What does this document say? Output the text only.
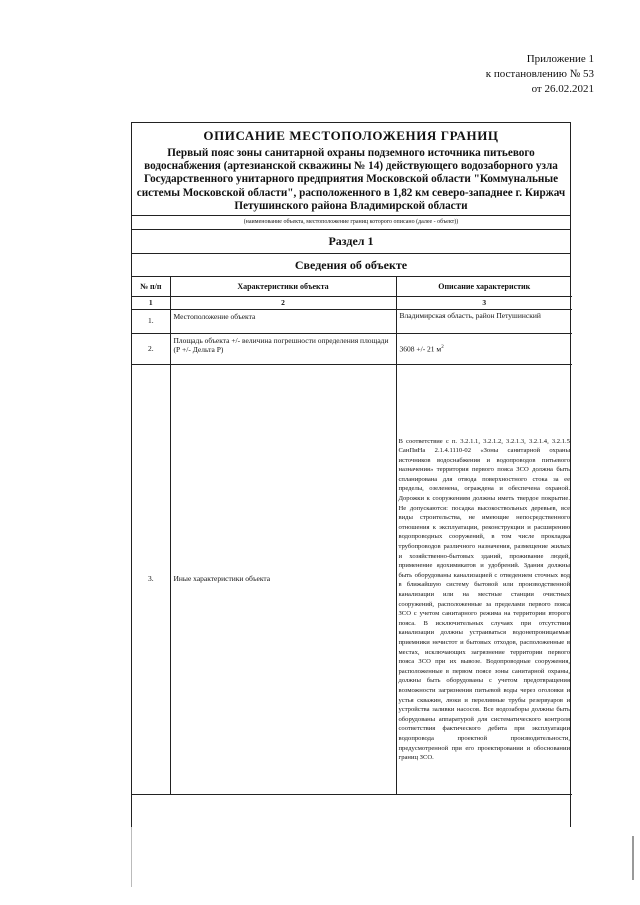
Приложение 1
к постановлению № 53
от 26.02.2021
ОПИСАНИЕ МЕСТОПОЛОЖЕНИЯ ГРАНИЦ
Первый пояс зоны санитарной охраны подземного источника питьевого водоснабжения (артезианской скважины № 14) действующего водозаборного узла Государственного унитарного предприятия Московской области "Коммунальные системы Московской области", расположенного в 1,82 км северо-западнее г. Киржач Петушинского района Владимирской области
(наименование объекта, местоположение границ которого описано (далее - объект))
Раздел 1
Сведения об объекте
№ п/п	Характеристики объекта	Описание характеристик
1	2	3
1.	Местоположение объекта	Владимирская область, район Петушинский
2.	Площадь объекта +/- величина погрешности определения площади (Р +/- Дельта Р)	3608 +/- 21 $м^2$
3.	Иные характеристики объекта	В соответствие с п. 3.2.1.1, 3.2.1.2, 3.2.1.3, 3.2.1.4, 3.2.1.5 СанПиНа 2.1.4.1110-02 «Зоны санитарной охраны источников водоснабжения и водопроводов питьевого назначения» территория первого пояса ЗСО должна быть спланирована для отвода поверхностного стока за ее пределы, озеленена, ограждена и обеспечена охраной. Дорожки к сооружениям должны иметь твердое покрытие. Не допускаются: посадка высокоствольных деревьев, все виды строительства, не имеющие непосредственного отношения к эксплуатации, реконструкции и расширению водопроводных сооружений, в том числе прокладка трубопроводов различного назначения, размещение жилых и хозяйственно-бытовых зданий, проживание людей, применение ядохимикатов и удобрений. Здания должны быть оборудованы канализацией с отведением сточных вод в ближайшую систему бытовой или производственной канализации или на местные станции очистных сооружений, расположенные за пределами первого пояса ЗСО с учетом санитарного режима на территории второго пояса. В исключительных случаях при отсутствии канализации должны устраиваться водонепроницаемые приемники нечистот и бытовых отходов, расположенные в местах, исключающих загрязнение территории первого пояса ЗСО при их вывозе. Водопроводные сооружения, расположенные в первом поясе зоны санитарной охраны, должны быть оборудованы с учетом предотвращения возможности загрязнения питьевой воды через оголовки и устья скважин, люки и переливные трубы резервуаров и устройства заливки насосов. Все водозаборы должны быть оборудованы аппаратурой для систематического контроля соответствия фактического дебита при эксплуатации водопровода проектной производительности, предусмотренной при его проектировании и обосновании границ ЗСО.
